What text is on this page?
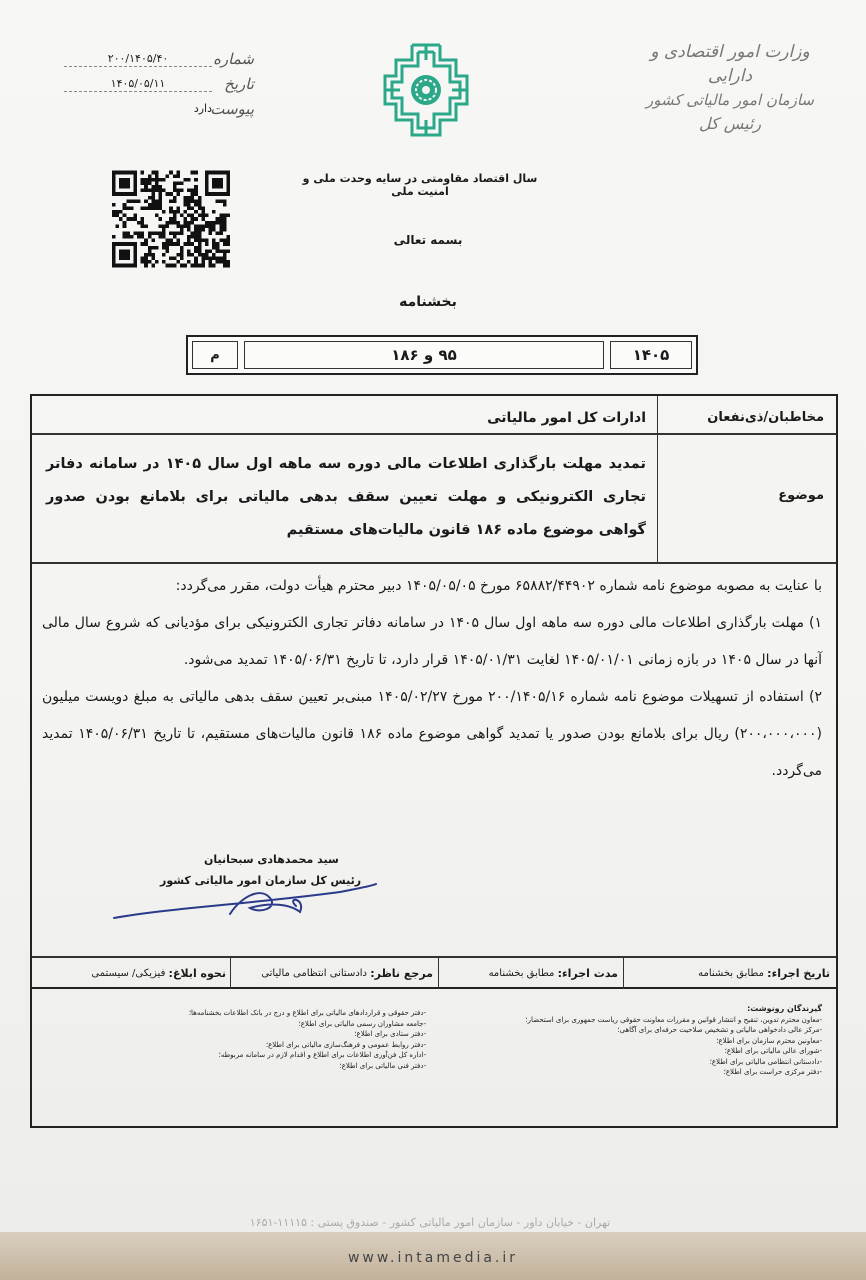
وزارت امور اقتصادی و دارایی
سازمان امور مالیاتی کشور
رئیس کل
شماره
۲۰۰/۱۴۰۵/۴۰
تاریخ
۱۴۰۵/۰۵/۱۱
پیوست
دارد
سال اقتصاد مقاومتی در سایه وحدت ملی و امنیت ملی
بسمه تعالی
بخشنامه
۱۴۰۵
۹۵ و ۱۸۶
م
ادارات کل امور مالیاتی	مخاطبان/ذی‌نفعان
تمدید مهلت بارگذاری اطلاعات مالی دوره سه ماهه اول سال ۱۴۰۵ در سامانه دفاتر تجاری الکترونیکی و مهلت تعیین سقف بدهی مالیاتی برای بلامانع بودن صدور گواهی موضوع ماده ۱۸۶ قانون مالیات‌های مستقیم
موضوع

با عنایت به مصوبه موضوع نامه شماره ۶۵۸۸۲/۴۴۹۰۲ مورخ ۱۴۰۵/۰۵/۰۵ دبیر محترم هیأت دولت، مقرر می‌گردد:

۱) مهلت بارگذاری اطلاعات مالی دوره سه ماهه اول سال ۱۴۰۵ در سامانه دفاتر تجاری الکترونیکی برای مؤدیانی که شروع سال مالی آنها در سال ۱۴۰۵ در بازه زمانی ۱۴۰۵/۰۱/۰۱ لغایت ۱۴۰۵/۰۱/۳۱ قرار دارد، تا تاریخ ۱۴۰۵/۰۶/۳۱ تمدید می‌شود.

۲) استفاده از تسهیلات موضوع نامه شماره ۲۰۰/۱۴۰۵/۱۶ مورخ ۱۴۰۵/۰۲/۲۷ مبنی‌بر تعیین سقف بدهی مالیاتی به مبلغ دویست میلیون (۲۰۰،۰۰۰،۰۰۰) ریال برای بلامانع بودن صدور یا تمدید گواهی موضوع ماده ۱۸۶ قانون مالیات‌های مستقیم، تا تاریخ ۱۴۰۵/۰۶/۳۱ تمدید می‌گردد.

سید محمدهادی سبحانیان
رئیس کل سازمان امور مالیاتی کشور
تاریخ اجراء:

مطابق بخشنامه
مدت اجراء:

مطابق بخشنامه
مرجع ناظر:

دادستانی انتظامی مالیاتی
نحوه ابلاغ:

فیزیکی/ سیستمی
گیرندگان رونوشت:
-معاون محترم تدوین، تنقیح و انتشار قوانین و مقررات معاونت حقوقی ریاست جمهوری برای استحضار؛
-مرکز عالی دادخواهی مالیاتی و تشخیص صلاحیت حرفه‌ای برای آگاهی؛
-معاونین محترم سازمان برای اطلاع؛
-شورای عالی مالیاتی برای اطلاع؛
-دادستانی انتظامی مالیاتی برای اطلاع؛
-دفتر مرکزی حراست برای اطلاع؛
-دفتر حقوقی و قراردادهای مالیاتی برای اطلاع و درج در بانک اطلاعات بخشنامه‌ها؛
-جامعه مشاوران رسمی مالیاتی برای اطلاع؛
-دفتر ستادی برای اطلاع؛
-دفتر روابط عمومی و فرهنگ‌سازی مالیاتی برای اطلاع؛
-اداره کل فن‌آوری اطلاعات برای اطلاع و اقدام لازم در سامانه مربوطه؛
-دفتر فنی مالیاتی برای اطلاع؛
تهران - خیابان داور - سازمان امور مالیاتی کشور - صندوق پستی : ۱۱۱۱۵-۱۶۵۱
www.intamedia.ir
